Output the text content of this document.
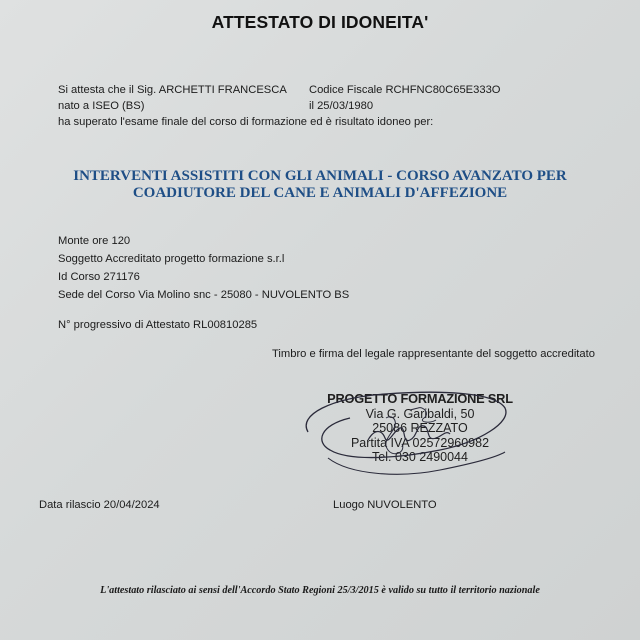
ATTESTATO DI IDONEITA'
Si attesta che il Sig. ARCHETTI FRANCESCA Codice Fiscale RCHFNC80C65E333O
nato a ISEO (BS)	il 25/03/1980
ha superato l'esame finale del corso di formazione ed è risultato idoneo per:
INTERVENTI ASSISTITI CON GLI ANIMALI - CORSO AVANZATO PER
COADIUTORE DEL CANE E ANIMALI D'AFFEZIONE
Monte ore 120
Soggetto Accreditato progetto formazione s.r.l
Id Corso 271176
Sede del Corso Via Molino snc - 25080 - NUVOLENTO BS
N° progressivo di Attestato RL00810285
Timbro e firma del legale rappresentante del soggetto accreditato
PROGETTO FORMAZIONE SRL
Via G. Garibaldi, 50
25086 REZZATO
Partita IVA 02572960982
Tel. 030 2490044
Data rilascio 20/04/2024	Luogo NUVOLENTO
L'attestato rilasciato ai sensi dell'Accordo Stato Regioni 25/3/2015 è valido su tutto il territorio nazionale
